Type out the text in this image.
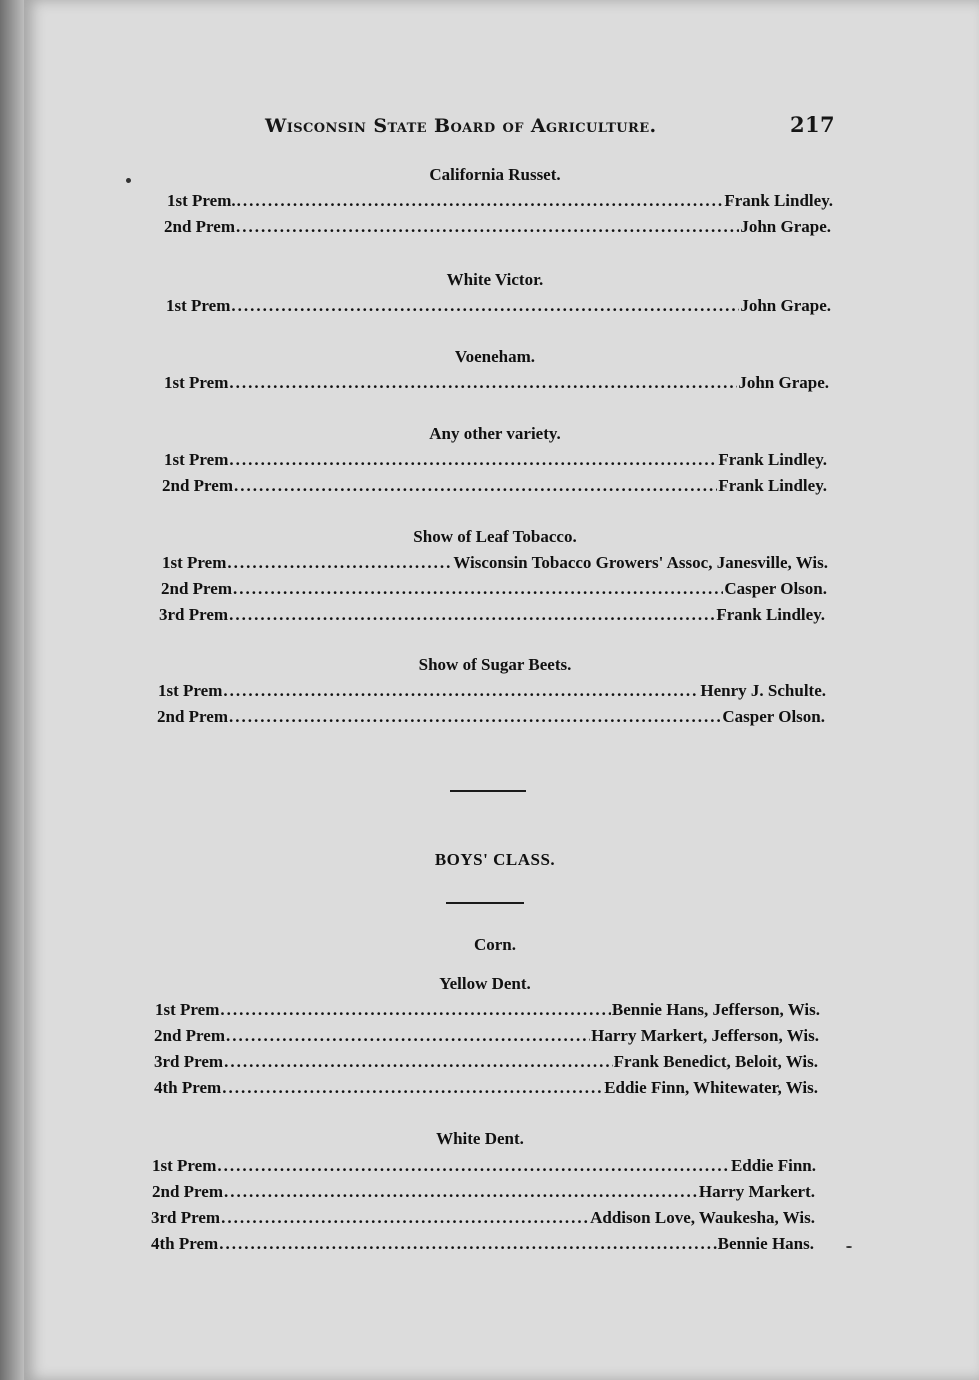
Wisconsin State Board of Agriculture.	217
California Russet.
1st Prem. .....	Frank Lindley.
2nd Prem .....	John Grape.
White Victor.
1st Prem .....	John Grape.
Voeneham.
1st Prem .....	John Grape.
Any other variety.
1st Prem .....	Frank Lindley.
2nd Prem .....	Frank Lindley.
Show of Leaf Tobacco.
1st Prem .....	Wisconsin Tobacco Growers' Assoc, Janesville, Wis.
2nd Prem .....	Casper Olson.
3rd Prem .....	Frank Lindley.
Show of Sugar Beets.
1st Prem .....	Henry J. Schulte.
2nd Prem .....	Casper Olson.
BOYS' CLASS.
Corn.
Yellow Dent.
1st Prem .....	Bennie Hans, Jefferson, Wis.
2nd Prem .....	Harry Markert, Jefferson, Wis.
3rd Prem .....	Frank Benedict, Beloit, Wis.
4th Prem .....	Eddie Finn, Whitewater, Wis.
White Dent.
1st Prem .....	Eddie Finn.
2nd Prem .....	Harry Markert.
3rd Prem .....	Addison Love, Waukesha, Wis.
4th Prem .....	Bennie Hans.
